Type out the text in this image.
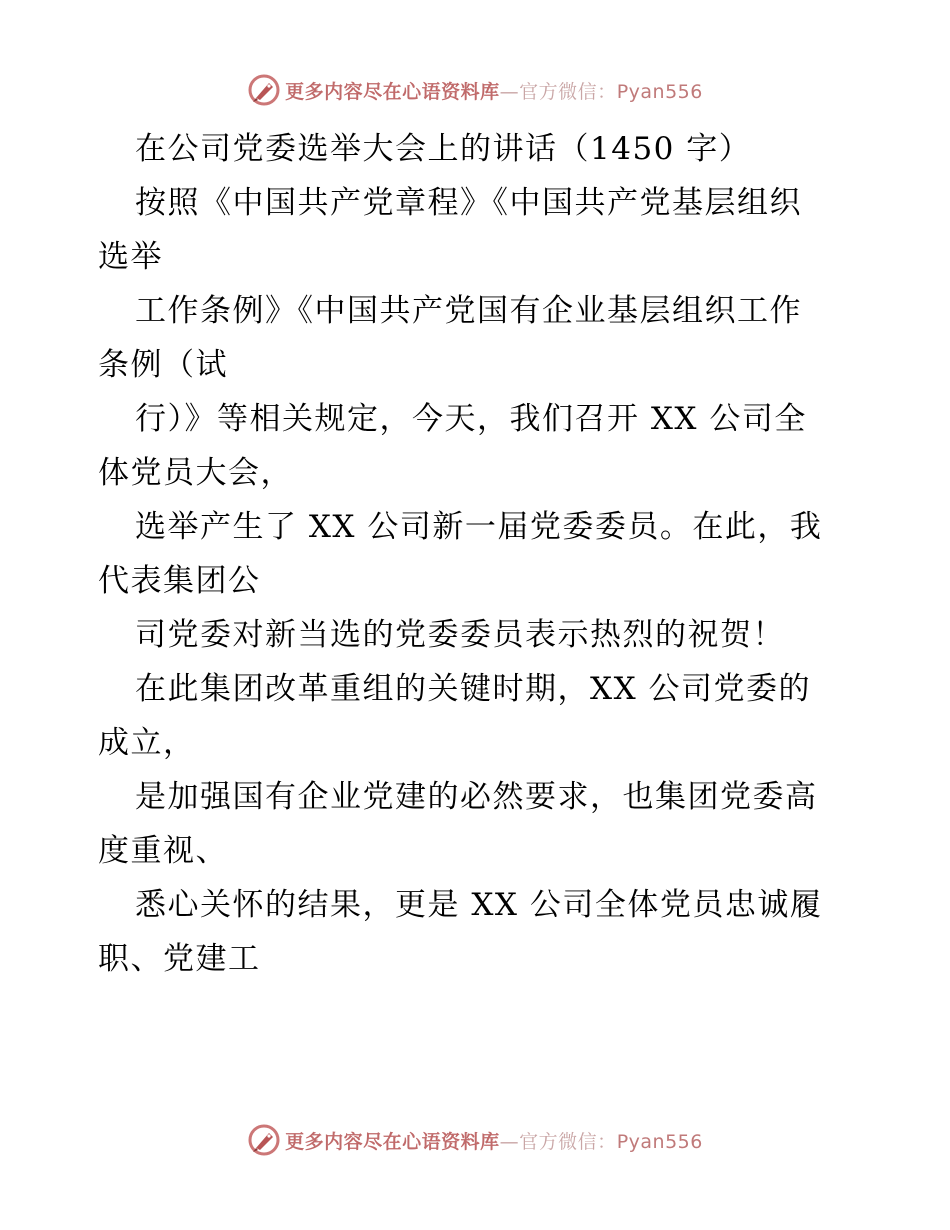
更多内容尽在心语资料库—官方微信：Pyan556
在公司党委选举大会上的讲话（1450 字）
按照《中国共产党章程》《中国共产党基层组织
选举
工作条例》《中国共产党国有企业基层组织工作
条例（试
行）》等相关规定，今天，我们召开 XX 公司全
体党员大会，
选举产生了 XX 公司新一届党委委员。在此，我
代表集团公
司党委对新当选的党委委员表示热烈的祝贺！
在此集团改革重组的关键时期，XX 公司党委的
成立，
是加强国有企业党建的必然要求，也集团党委高
度重视、
悉心关怀的结果，更是 XX 公司全体党员忠诚履
职、党建工
更多内容尽在心语资料库—官方微信：Pyan556
